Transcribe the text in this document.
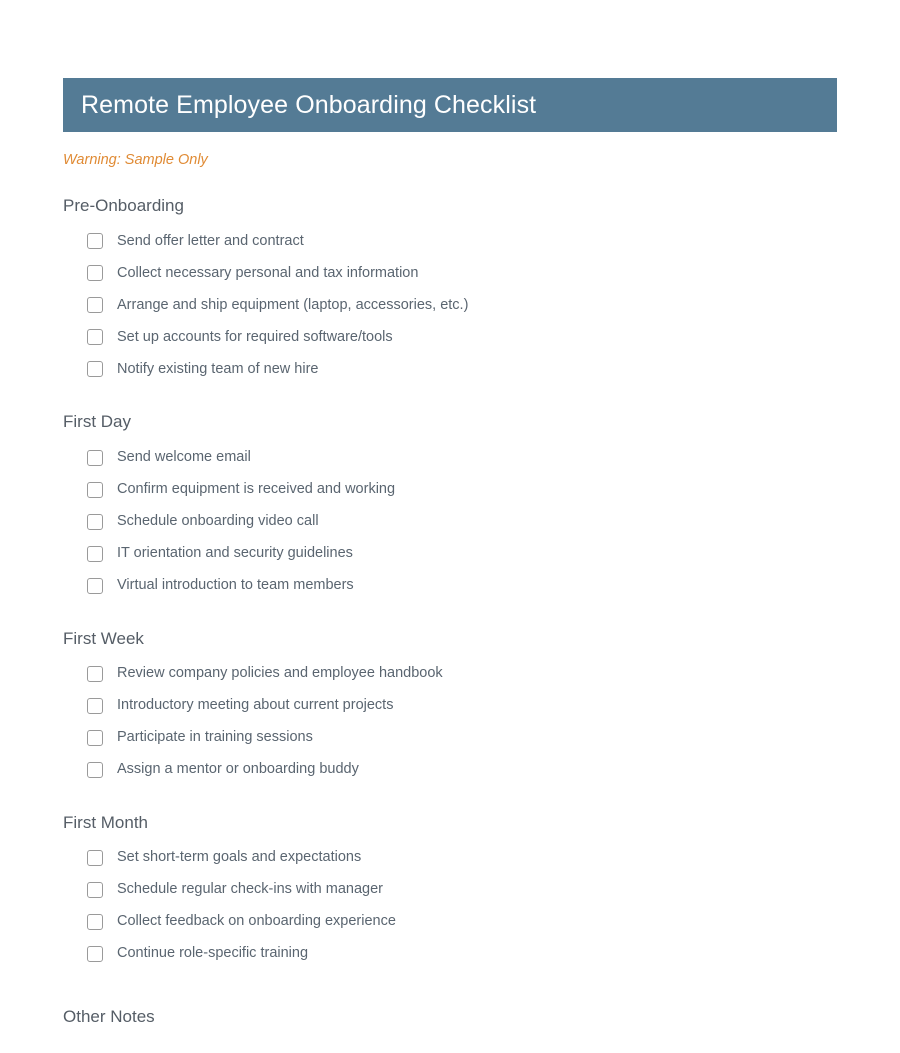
Remote Employee Onboarding Checklist
Warning: Sample Only
Pre-Onboarding
Send offer letter and contract
Collect necessary personal and tax information
Arrange and ship equipment (laptop, accessories, etc.)
Set up accounts for required software/tools
Notify existing team of new hire
First Day
Send welcome email
Confirm equipment is received and working
Schedule onboarding video call
IT orientation and security guidelines
Virtual introduction to team members
First Week
Review company policies and employee handbook
Introductory meeting about current projects
Participate in training sessions
Assign a mentor or onboarding buddy
First Month
Set short-term goals and expectations
Schedule regular check-ins with manager
Collect feedback on onboarding experience
Continue role-specific training
Other Notes
